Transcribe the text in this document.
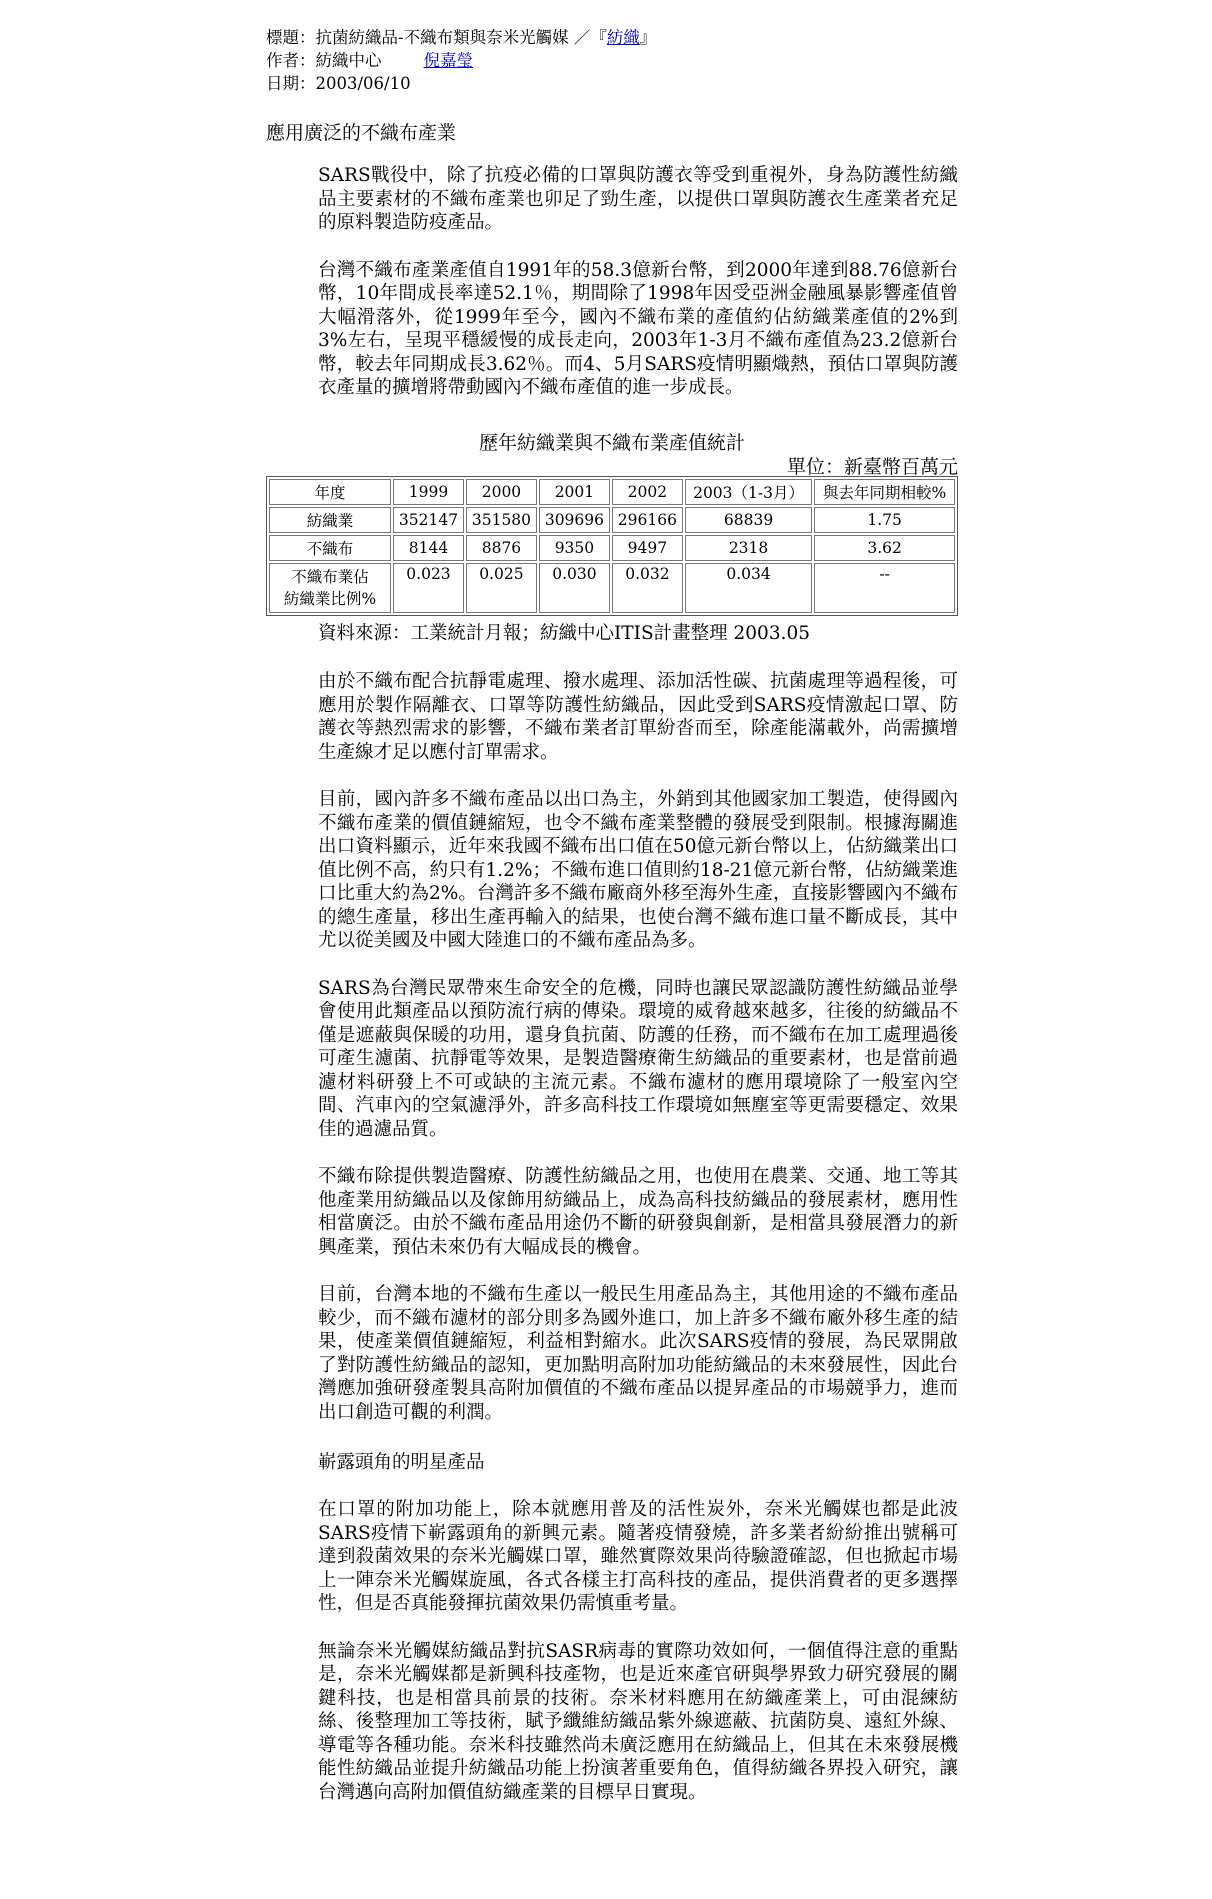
標題：抗菌紡織品-不織布類與奈米光觸媒 ／『紡織』
作者：紡織中心	倪嘉瑩
日期：2003/06/10
應用廣泛的不織布產業

SARS戰役中，除了抗疫必備的口罩與防護衣等受到重視外，身為防護性紡織品主要素材的不織布產業也卯足了勁生產，以提供口罩與防護衣生產業者充足的原料製造防疫產品。

台灣不織布產業產值自1991年的58.3億新台幣，到2000年達到88.76億新台幣，10年間成長率達52.1％，期間除了1998年因受亞洲金融風暴影響產值曾大幅滑落外，從1999年至今，國內不織布業的產值約佔紡織業產值的2%到3%左右，呈現平穩緩慢的成長走向，2003年1-3月不織布產值為23.2億新台幣，較去年同期成長3.62％。而4、5月SARS疫情明顯熾熱，預估口罩與防護衣產量的擴增將帶動國內不織布產值的進一步成長。

歷年紡織業與不織布業產值統計
單位：新臺幣百萬元
年度	1999	2000	2001	2002	2003（1-3月）	與去年同期相較%
紡織業	352147	351580	309696	296166	68839	1.75
不織布	8144	8876	9350	9497	2318	3.62
不織布業佔
紡織業比例%	0.023	0.025	0.030	0.032	0.034	--
資料來源：工業統計月報；紡織中心ITIS計畫整理 2003.05

由於不織布配合抗靜電處理、撥水處理、添加活性碳、抗菌處理等過程後，可應用於製作隔離衣、口罩等防護性紡織品，因此受到SARS疫情激起口罩、防護衣等熱烈需求的影響，不織布業者訂單紛沓而至，除產能滿載外，尚需擴增生產線才足以應付訂單需求。

目前，國內許多不織布產品以出口為主，外銷到其他國家加工製造，使得國內不織布產業的價值鏈縮短，也令不織布產業整體的發展受到限制。根據海關進出口資料顯示，近年來我國不織布出口值在50億元新台幣以上，佔紡織業出口值比例不高，約只有1.2%；不織布進口值則約18-21億元新台幣，佔紡織業進口比重大約為2%。台灣許多不織布廠商外移至海外生產，直接影響國內不織布的總生產量，移出生產再輸入的結果，也使台灣不織布進口量不斷成長，其中尤以從美國及中國大陸進口的不織布產品為多。

SARS為台灣民眾帶來生命安全的危機，同時也讓民眾認識防護性紡織品並學會使用此類產品以預防流行病的傳染。環境的威脅越來越多，往後的紡織品不僅是遮蔽與保暖的功用，還身負抗菌、防護的任務，而不織布在加工處理過後可產生濾菌、抗靜電等效果，是製造醫療衛生紡織品的重要素材，也是當前過濾材料研發上不可或缺的主流元素。不織布濾材的應用環境除了一般室內空間、汽車內的空氣濾淨外，許多高科技工作環境如無塵室等更需要穩定、效果佳的過濾品質。

不織布除提供製造醫療、防護性紡織品之用，也使用在農業、交通、地工等其他產業用紡織品以及傢飾用紡織品上，成為高科技紡織品的發展素材，應用性相當廣泛。由於不織布產品用途仍不斷的研發與創新，是相當具發展潛力的新興產業，預估未來仍有大幅成長的機會。

目前，台灣本地的不織布生產以一般民生用產品為主，其他用途的不織布產品較少，而不織布濾材的部分則多為國外進口，加上許多不織布廠外移生產的結果，使產業價值鏈縮短，利益相對縮水。此次SARS疫情的發展，為民眾開啟了對防護性紡織品的認知，更加點明高附加功能紡織品的未來發展性，因此台灣應加強研發產製具高附加價值的不織布產品以提昇產品的市場競爭力，進而出口創造可觀的利潤。

嶄露頭角的明星產品

在口罩的附加功能上，除本就應用普及的活性炭外，奈米光觸媒也都是此波SARS疫情下嶄露頭角的新興元素。隨著疫情發燒，許多業者紛紛推出號稱可達到殺菌效果的奈米光觸媒口罩，雖然實際效果尚待驗證確認，但也掀起市場上一陣奈米光觸媒旋風，各式各樣主打高科技的產品，提供消費者的更多選擇性，但是否真能發揮抗菌效果仍需慎重考量。

無論奈米光觸媒紡織品對抗SASR病毒的實際功效如何，一個值得注意的重點是，奈米光觸媒都是新興科技產物，也是近來產官研與學界致力研究發展的關鍵科技，也是相當具前景的技術。奈米材料應用在紡織產業上，可由混練紡絲、後整理加工等技術，賦予纖維紡織品紫外線遮蔽、抗菌防臭、遠紅外線、導電等各種功能。奈米科技雖然尚未廣泛應用在紡織品上，但其在未來發展機能性紡織品並提升紡織品功能上扮演著重要角色，值得紡織各界投入研究，讓台灣邁向高附加價值紡織產業的目標早日實現。
